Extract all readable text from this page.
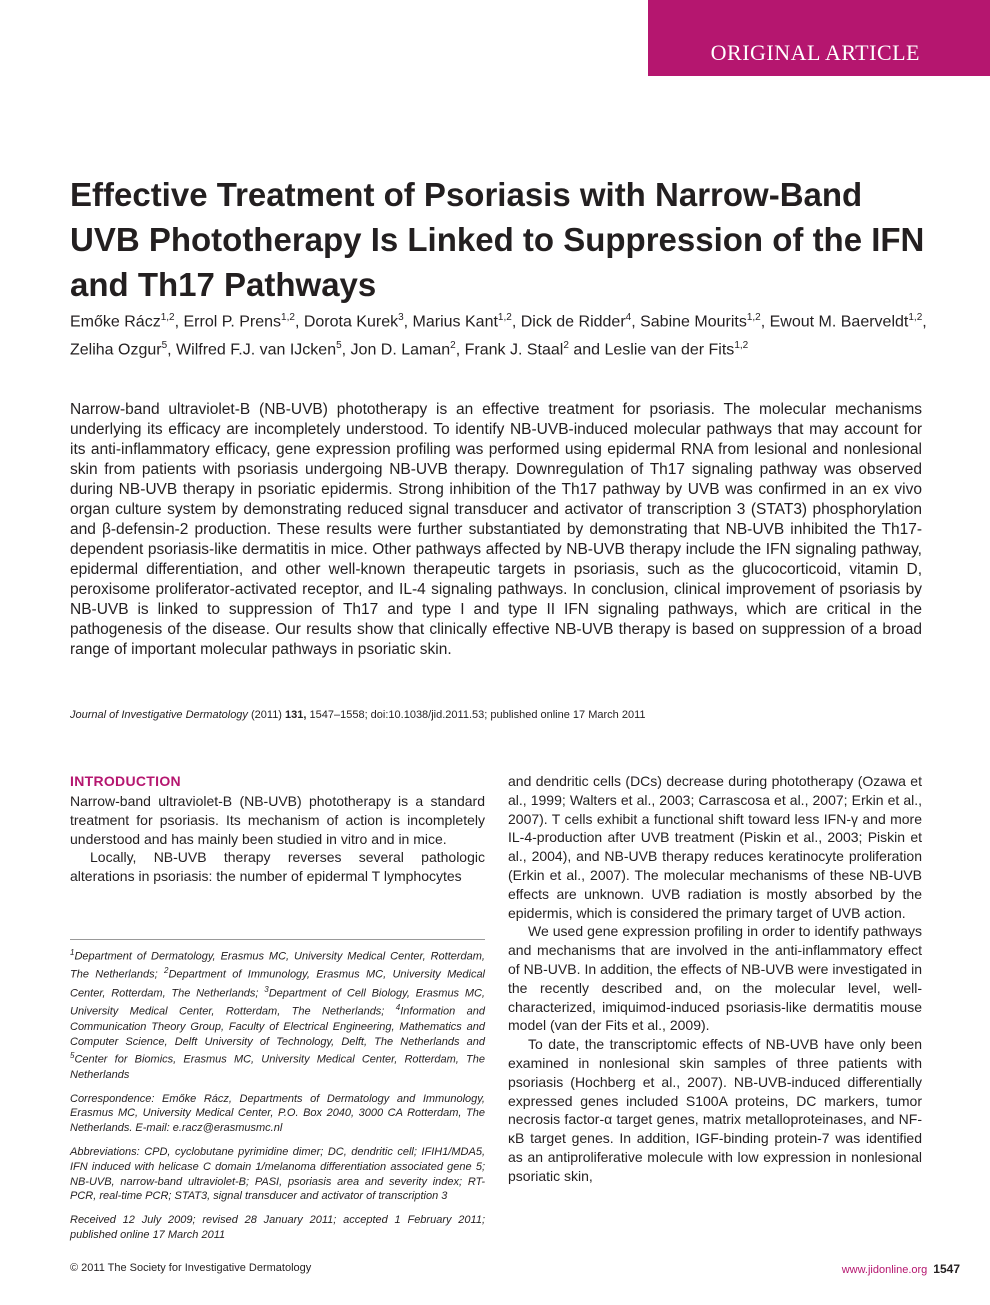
ORIGINAL ARTICLE
Effective Treatment of Psoriasis with Narrow-Band UVB Phototherapy Is Linked to Suppression of the IFN and Th17 Pathways

Emőke Rácz$^{1,2}$, Errol P. Prens$^{1,2}$, Dorota Kurek$^3$, Marius Kant$^{1,2}$, Dick de Ridder$^4$, Sabine Mourits$^{1,2}$, Ewout M. Baerveldt$^{1,2}$, Zeliha Ozgur$^5$, Wilfred F.J. van IJcken$^5$, Jon D. Laman$^2$, Frank J. Staal$^2$ and Leslie van der Fits$^{1,2}$

Narrow-band ultraviolet-B (NB-UVB) phototherapy is an effective treatment for psoriasis. The molecular mechanisms underlying its efficacy are incompletely understood. To identify NB-UVB-induced molecular pathways that may account for its anti-inflammatory efficacy, gene expression profiling was performed using epidermal RNA from lesional and nonlesional skin from patients with psoriasis undergoing NB-UVB therapy. Downregulation of Th17 signaling pathway was observed during NB-UVB therapy in psoriatic epidermis. Strong inhibition of the Th17 pathway by UVB was confirmed in an ex vivo organ culture system by demonstrating reduced signal transducer and activator of transcription 3 (STAT3) phosphorylation and β-defensin-2 production. These results were further substantiated by demonstrating that NB-UVB inhibited the Th17-dependent psoriasis-like dermatitis in mice. Other pathways affected by NB-UVB therapy include the IFN signaling pathway, epidermal differentiation, and other well-known therapeutic targets in psoriasis, such as the glucocorticoid, vitamin D, peroxisome proliferator-activated receptor, and IL-4 signaling pathways. In conclusion, clinical improvement of psoriasis by NB-UVB is linked to suppression of Th17 and type I and type II IFN signaling pathways, which are critical in the pathogenesis of the disease. Our results show that clinically effective NB-UVB therapy is based on suppression of a broad range of important molecular pathways in psoriatic skin.

Journal of Investigative Dermatology (2011) 131, 1547–1558; doi:10.1038/jid.2011.53; published online 17 March 2011
INTRODUCTION

Narrow-band ultraviolet-B (NB-UVB) phototherapy is a standard treatment for psoriasis. Its mechanism of action is incompletely understood and has mainly been studied in vitro and in mice.

Locally, NB-UVB therapy reverses several pathologic alterations in psoriasis: the number of epidermal T lymphocytes

$^1$Department of Dermatology, Erasmus MC, University Medical Center, Rotterdam, The Netherlands; $^2$Department of Immunology, Erasmus MC, University Medical Center, Rotterdam, The Netherlands; $^3$Department of Cell Biology, Erasmus MC, University Medical Center, Rotterdam, The Netherlands; $^4$Information and Communication Theory Group, Faculty of Electrical Engineering, Mathematics and Computer Science, Delft University of Technology, Delft, The Netherlands and $^5$Center for Biomics, Erasmus MC, University Medical Center, Rotterdam, The Netherlands

Correspondence: Emőke Rácz, Departments of Dermatology and Immunology, Erasmus MC, University Medical Center, P.O. Box 2040, 3000 CA Rotterdam, The Netherlands. E-mail: e.racz@erasmusmc.nl

Abbreviations: CPD, cyclobutane pyrimidine dimer; DC, dendritic cell; IFIH1/MDA5, IFN induced with helicase C domain 1/melanoma differentiation associated gene 5; NB-UVB, narrow-band ultraviolet-B; PASI, psoriasis area and severity index; RT-PCR, real-time PCR; STAT3, signal transducer and activator of transcription 3

Received 12 July 2009; revised 28 January 2011; accepted 1 February 2011; published online 17 March 2011

and dendritic cells (DCs) decrease during phototherapy (Ozawa et al., 1999; Walters et al., 2003; Carrascosa et al., 2007; Erkin et al., 2007). T cells exhibit a functional shift toward less IFN-γ and more IL-4-production after UVB treatment (Piskin et al., 2003; Piskin et al., 2004), and NB-UVB therapy reduces keratinocyte proliferation (Erkin et al., 2007). The molecular mechanisms of these NB-UVB effects are unknown. UVB radiation is mostly absorbed by the epidermis, which is considered the primary target of UVB action.

We used gene expression profiling in order to identify pathways and mechanisms that are involved in the anti-inflammatory effect of NB-UVB. In addition, the effects of NB-UVB were investigated in the recently described and, on the molecular level, well-characterized, imiquimod-induced psoriasis-like dermatitis mouse model (van der Fits et al., 2009).

To date, the transcriptomic effects of NB-UVB have only been examined in nonlesional skin samples of three patients with psoriasis (Hochberg et al., 2007). NB-UVB-induced differentially expressed genes included S100A proteins, DC markers, tumor necrosis factor-α target genes, matrix metalloproteinases, and NF-κB target genes. In addition, IGF-binding protein-7 was identified as an antiproliferative molecule with low expression in nonlesional psoriatic skin,

© 2011 The Society for Investigative Dermatology	www.jidonline.org 1547
